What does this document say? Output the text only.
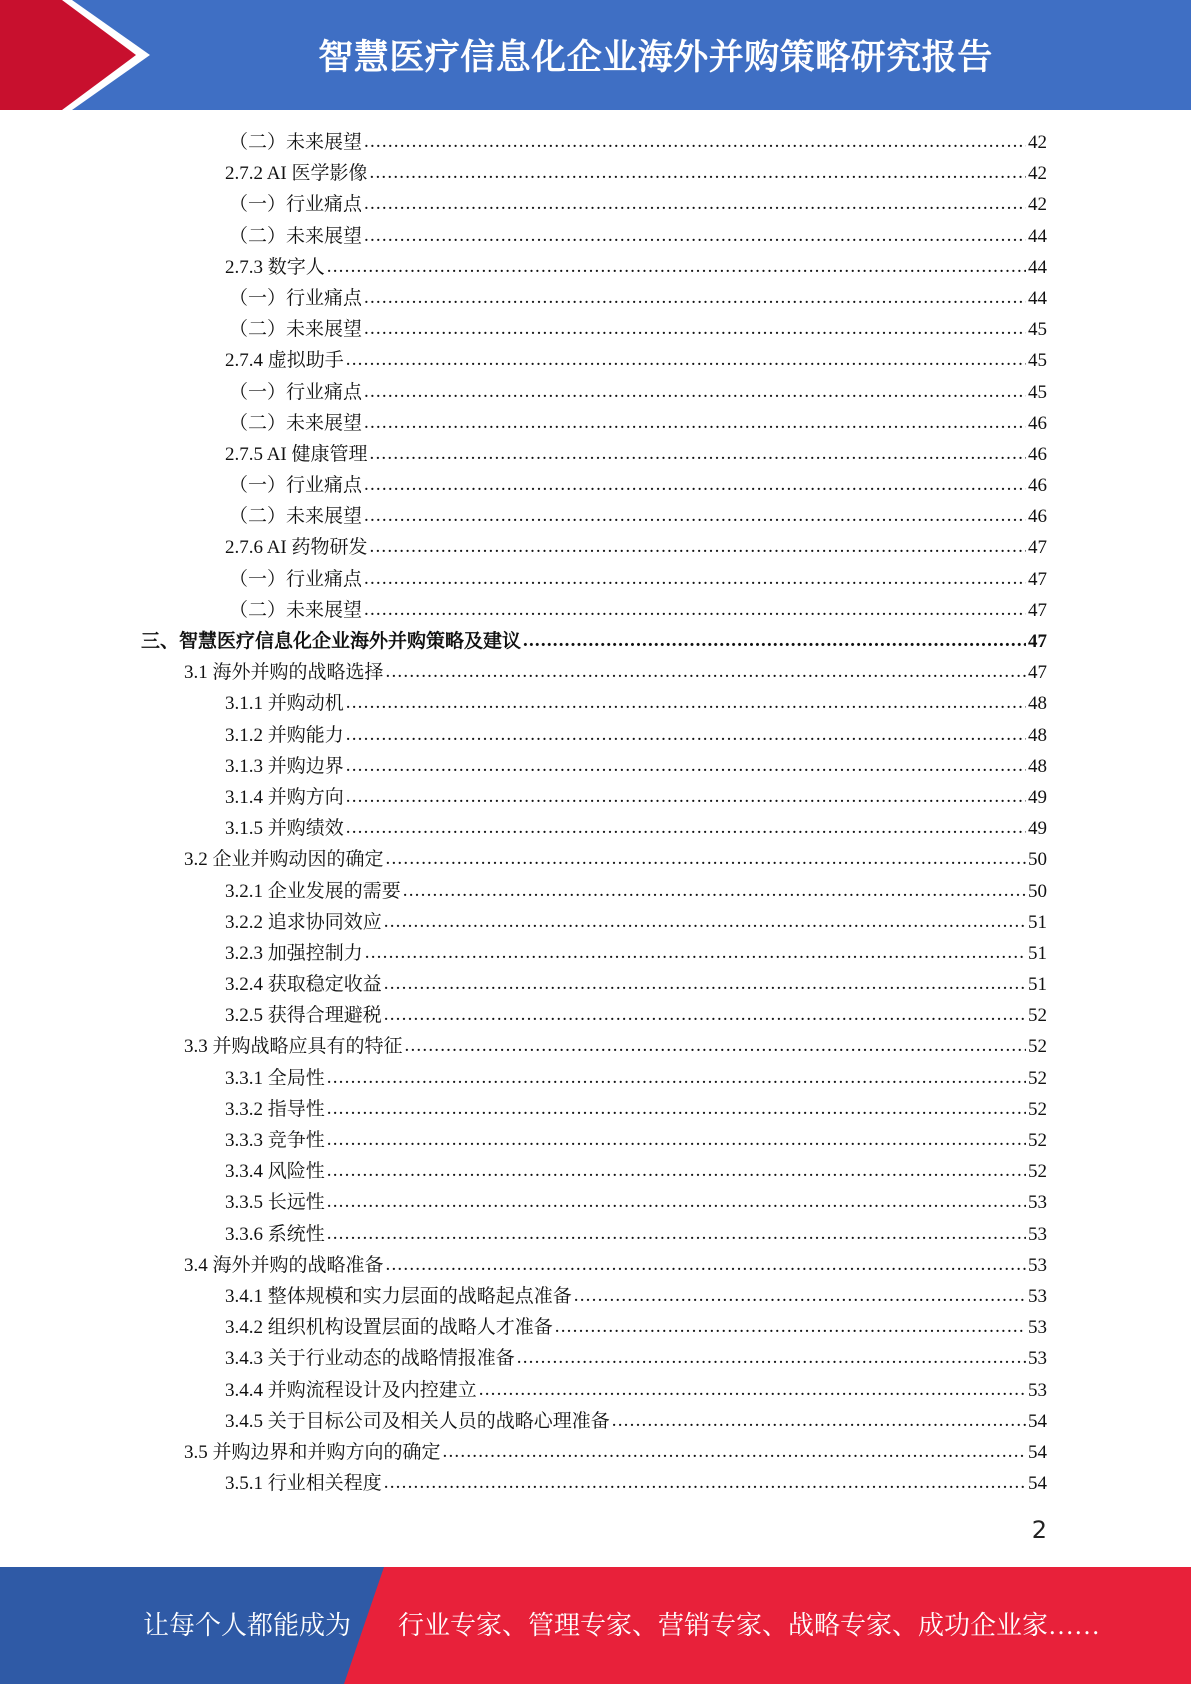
智慧医疗信息化企业海外并购策略研究报告
（二）未来展望 .....	42
2.7.2 AI 医学影像 .....	42
（一）行业痛点 .....	42
（二）未来展望 .....	44
2.7.3 数字人 .....	44
（一）行业痛点 .....	44
（二）未来展望 .....	45
2.7.4 虚拟助手 .....	45
（一）行业痛点 .....	45
（二）未来展望 .....	46
2.7.5 AI 健康管理 .....	46
（一）行业痛点 .....	46
（二）未来展望 .....	46
2.7.6 AI 药物研发 .....	47
（一）行业痛点 .....	47
（二）未来展望 .....	47
三、智慧医疗信息化企业海外并购策略及建议 .....	47
3.1 海外并购的战略选择 .....	47
3.1.1 并购动机 .....	48
3.1.2 并购能力 .....	48
3.1.3 并购边界 .....	48
3.1.4 并购方向 .....	49
3.1.5 并购绩效 .....	49
3.2 企业并购动因的确定 .....	50
3.2.1 企业发展的需要 .....	50
3.2.2 追求协同效应 .....	51
3.2.3 加强控制力 .....	51
3.2.4 获取稳定收益 .....	51
3.2.5 获得合理避税 .....	52
3.3 并购战略应具有的特征 .....	52
3.3.1 全局性 .....	52
3.3.2 指导性 .....	52
3.3.3 竞争性 .....	52
3.3.4 风险性 .....	52
3.3.5 长远性 .....	53
3.3.6 系统性 .....	53
3.4 海外并购的战略准备 .....	53
3.4.1 整体规模和实力层面的战略起点准备 .....	53
3.4.2 组织机构设置层面的战略人才准备 .....	53
3.4.3 关于行业动态的战略情报准备 .....	53
3.4.4 并购流程设计及内控建立 .....	53
3.4.5 关于目标公司及相关人员的战略心理准备 .....	54
3.5 并购边界和并购方向的确定 .....	54
3.5.1 行业相关程度 .....	54
2
让每个人都能成为 行业专家、管理专家、营销专家、战略专家、成功企业家……
